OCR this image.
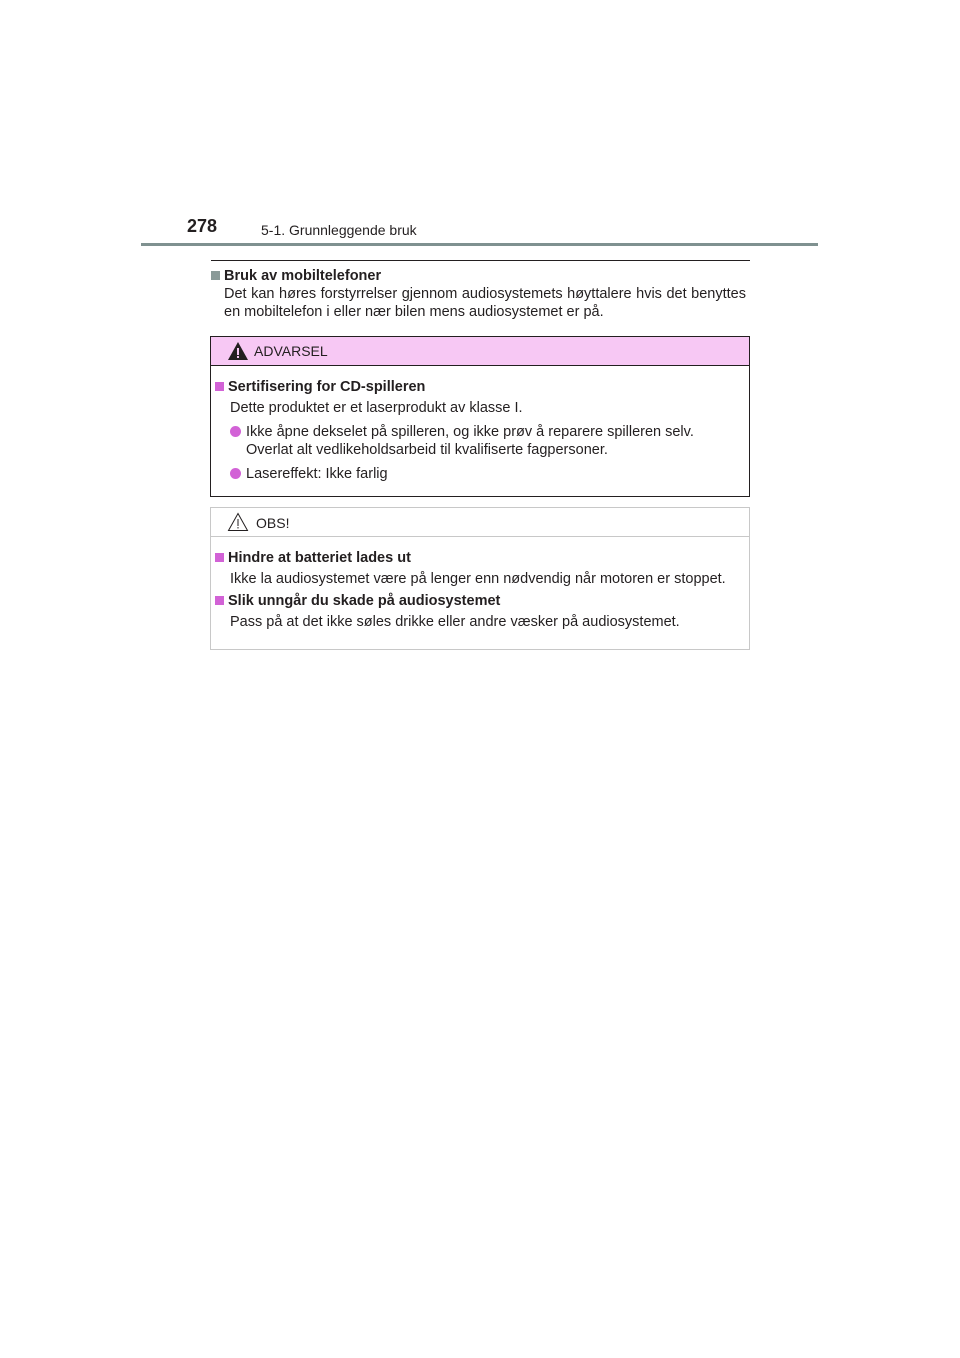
278	5-1. Grunnleggende bruk
Bruk av mobiltelefoner
Det kan høres forstyrrelser gjennom audiosystemets høyttalere hvis det benyttes en mobiltelefon i eller nær bilen mens audiosystemet er på.
ADVARSEL
Sertifisering for CD-spilleren
Dette produktet er et laserprodukt av klasse I.
Ikke åpne dekselet på spilleren, og ikke prøv å reparere spilleren selv.
Overlat alt vedlikeholdsarbeid til kvalifiserte fagpersoner.
Lasereffekt: Ikke farlig
OBS!
Hindre at batteriet lades ut
Ikke la audiosystemet være på lenger enn nødvendig når motoren er stoppet.
Slik unngår du skade på audiosystemet
Pass på at det ikke søles drikke eller andre væsker på audiosystemet.
